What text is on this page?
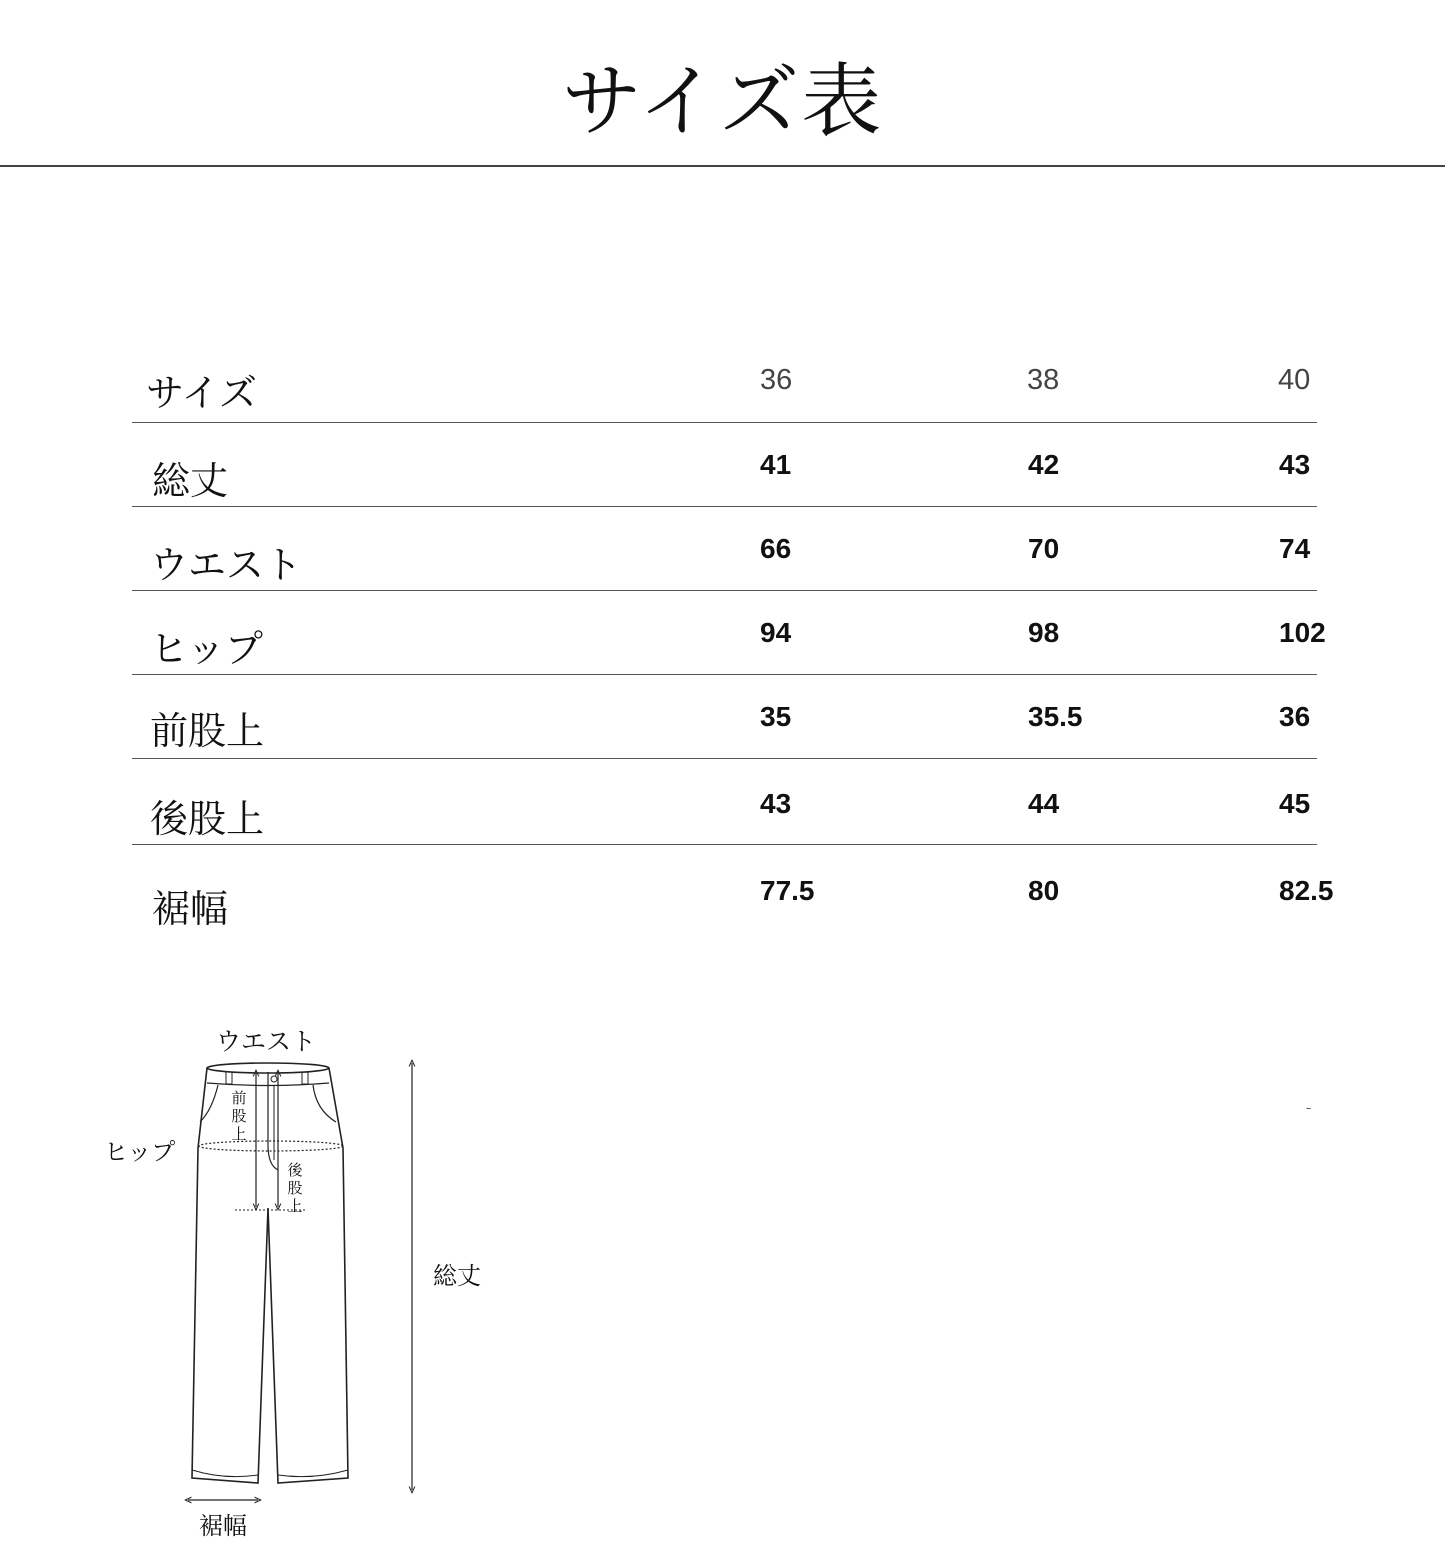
サイズ表
サイズ	36	38	40
総丈	41	42	43
ウエスト	66	70	74
ヒップ	94	98	102
前股上	35	35.5	36
後股上	43	44	45
裾幅	77.5	80	82.5
ウエスト
ヒップ
前
股
上
後
股
上
総丈
裾幅
ｰ
